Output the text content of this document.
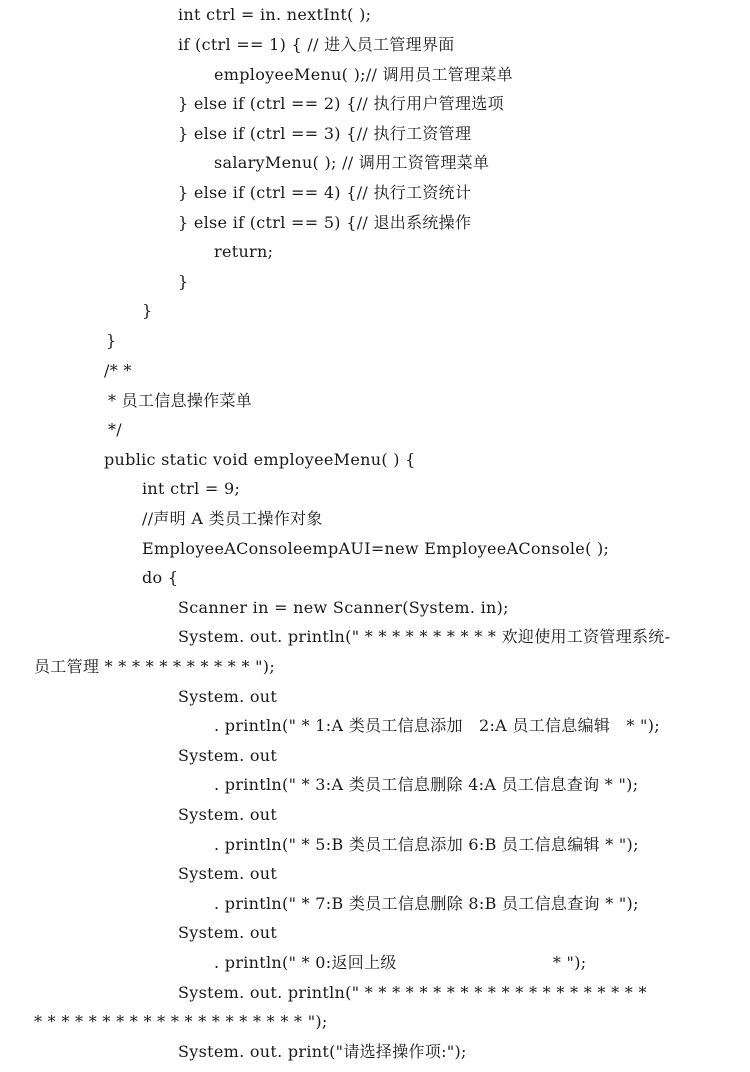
int ctrl = in. nextInt( );
if (ctrl == 1) { // 进入员工管理界面
employeeMenu( );// 调用员工管理菜单
} else if (ctrl == 2) {// 执行用户管理选项
} else if (ctrl == 3) {// 执行工资管理
salaryMenu( ); // 调用工资管理菜单
} else if (ctrl == 4) {// 执行工资统计
} else if (ctrl == 5) {// 退出系统操作
return;
}
}
}
/* *
* 员工信息操作菜单
*/
public static void employeeMenu( ) {
int ctrl = 9;
//声明 A 类员工操作对象
EmployeeAConsoleempAUI=new EmployeeAConsole( );
do {
Scanner in = new Scanner(System. in);
System. out. println(" * * * * * * * * * * 欢迎使用工资管理系统-
员工管理 * * * * * * * * * * * ");
System. out
. println(" * 1:A 类员工信息添加   2:A 员工信息编辑   * ");
System. out
. println(" * 3:A 类员工信息删除 4:A 员工信息查询 * ");
System. out
. println(" * 5:B 类员工信息添加 6:B 员工信息编辑 * ");
System. out
. println(" * 7:B 类员工信息删除 8:B 员工信息查询 * ");
System. out
. println(" * 0:返回上级                             * ");
System. out. println(" * * * * * * * * * * * * * * * * * * * * *
* * * * * * * * * * * * * * * * * * * * ");
System. out. print("请选择操作项:");
